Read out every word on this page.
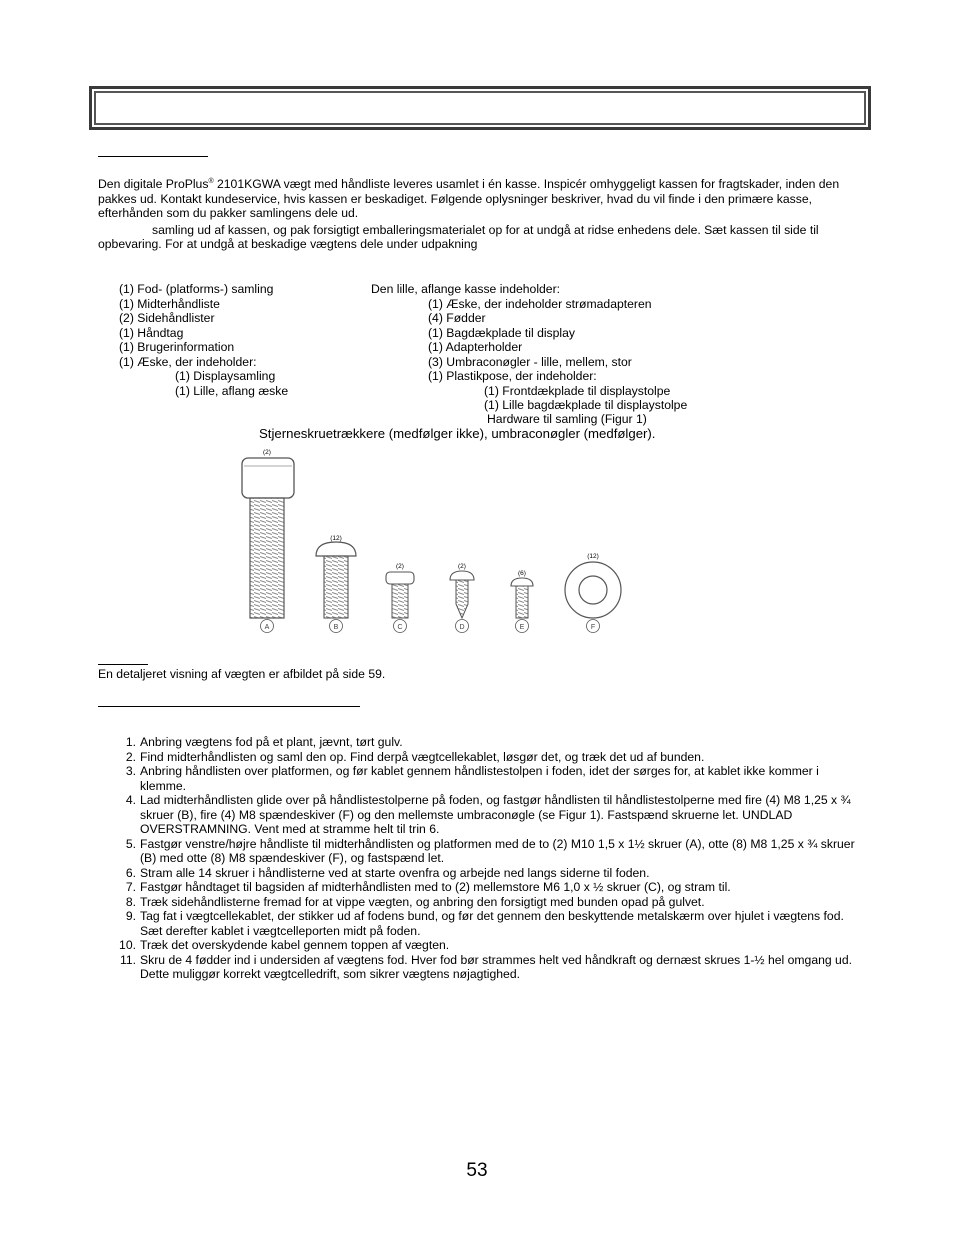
Den digitale ProPlus® 2101KGWA vægt med håndliste leveres usamlet i én kasse. Inspicér omhyggeligt kassen for fragtskader, inden den pakkes ud. Kontakt kundeservice, hvis kassen er beskadiget. Følgende oplysninger beskriver, hvad du vil finde i den primære kasse, efterhånden som du pakker samlingens dele ud.
samling ud af kassen, og pak forsigtigt emballeringsmaterialet op for at undgå at ridse enhedens dele. Sæt kassen til side til
opbevaring. For at undgå at beskadige vægtens dele under udpakning
(1) Fod- (platforms-) samling
(1) Midterhåndliste
(2) Sidehåndlister
(1) Håndtag
(1) Brugerinformation
(1) Æske, der indeholder:
(1) Displaysamling
(1) Lille, aflang æske
Den lille, aflange kasse indeholder:
(1) Æske, der indeholder strømadapteren
(4) Fødder
(1) Bagdækplade til display
(1) Adapterholder
(3) Umbraconøgler - lille, mellem, stor
(1) Plastikpose, der indeholder:
(1) Frontdækplade til displaystolpe
(1) Lille bagdækplade til displaystolpe
Hardware til samling (Figur 1)
Stjerneskruetrækkere (medfølger ikke), umbraconøgler (medfølger).
(2)
A
(12)
B
(2)
C
(2)
D
(6)
E
(12)
F
En detaljeret visning af vægten er afbildet på side 59.
1. Anbring vægtens fod på et plant, jævnt, tørt gulv.
2. Find midterhåndlisten og saml den op. Find derpå vægtcellekablet, løsgør det, og træk det ud af bunden.
3. Anbring håndlisten over platformen, og før kablet gennem håndlistestolpen i foden, idet der sørges for, at kablet ikke kommer i klemme.
4. Lad midterhåndlisten glide over på håndlistestolperne på foden, og fastgør håndlisten til håndlistestolperne med fire (4) M8 1,25 x ¾ skruer (B), fire (4) M8 spændeskiver (F) og den mellemste umbraconøgle (se Figur 1). Fastspænd skruerne let. UNDLAD OVERSTRAMNING. Vent med at stramme helt til trin 6.
5. Fastgør venstre/højre håndliste til midterhåndlisten og platformen med de to (2) M10 1,5 x 1½ skruer (A), otte (8) M8 1,25 x ¾ skruer (B) med otte (8) M8 spændeskiver (F), og fastspænd let.
6. Stram alle 14 skruer i håndlisterne ved at starte ovenfra og arbejde ned langs siderne til foden.
7. Fastgør håndtaget til bagsiden af midterhåndlisten med to (2) mellemstore M6 1,0 x ½ skruer (C), og stram til.
8. Træk sidehåndlisterne fremad for at vippe vægten, og anbring den forsigtigt med bunden opad på gulvet.
9. Tag fat i vægtcellekablet, der stikker ud af fodens bund, og før det gennem den beskyttende metalskærm over hjulet i vægtens fod. Sæt derefter kablet i vægtcelleporten midt på foden.
10. Træk det overskydende kabel gennem toppen af vægten.
11. Skru de 4 fødder ind i undersiden af vægtens fod. Hver fod bør strammes helt ved håndkraft og dernæst skrues 1-½ hel omgang ud. Dette muliggør korrekt vægtcelledrift, som sikrer vægtens nøjagtighed.
53
